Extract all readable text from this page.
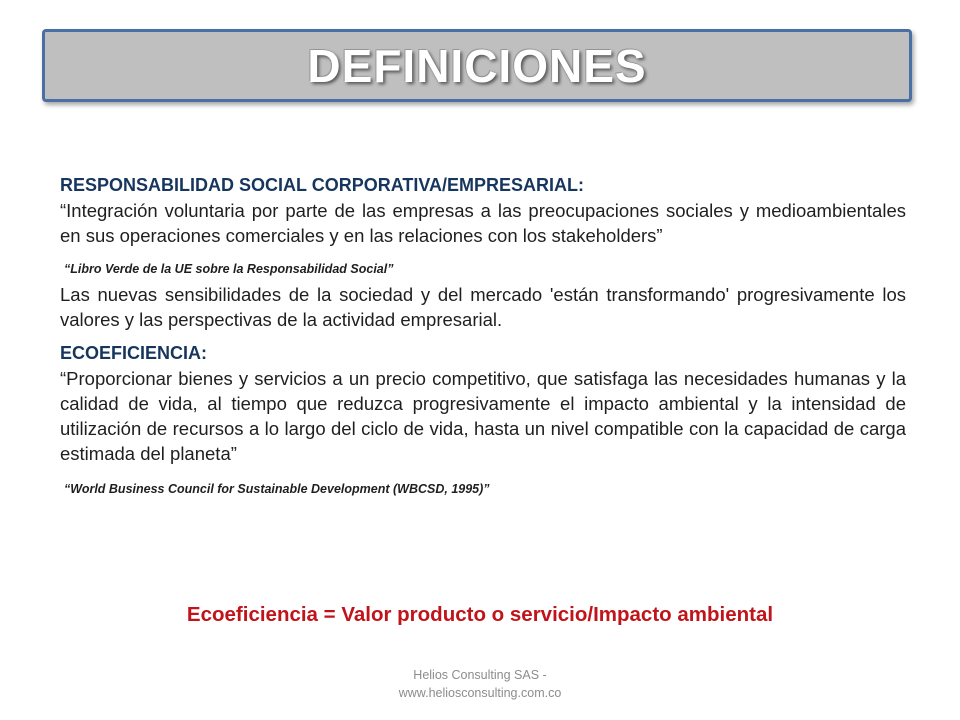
DEFINICIONES

RESPONSABILIDAD SOCIAL CORPORATIVA/EMPRESARIAL:

“Integración voluntaria por parte de las empresas a las preocupaciones sociales y medioambientales en sus operaciones comerciales y en las relaciones con los stakeholders”

“Libro Verde de la UE sobre la Responsabilidad Social”

Las nuevas sensibilidades de la sociedad y del mercado 'están transformando' progresivamente los valores y las perspectivas de la actividad empresarial.

ECOEFICIENCIA:

“Proporcionar bienes y servicios a un precio competitivo, que satisfaga las necesidades humanas y la calidad de vida, al tiempo que reduzca progresivamente el impacto ambiental y la intensidad de utilización de recursos a lo largo del ciclo de vida, hasta un nivel compatible con la capacidad de carga estimada del planeta”

“World Business Council for Sustainable Development (WBCSD, 1995)”

Ecoeficiencia = Valor producto o servicio/Impacto ambiental
Helios Consulting SAS -
www.heliosconsulting.com.co
